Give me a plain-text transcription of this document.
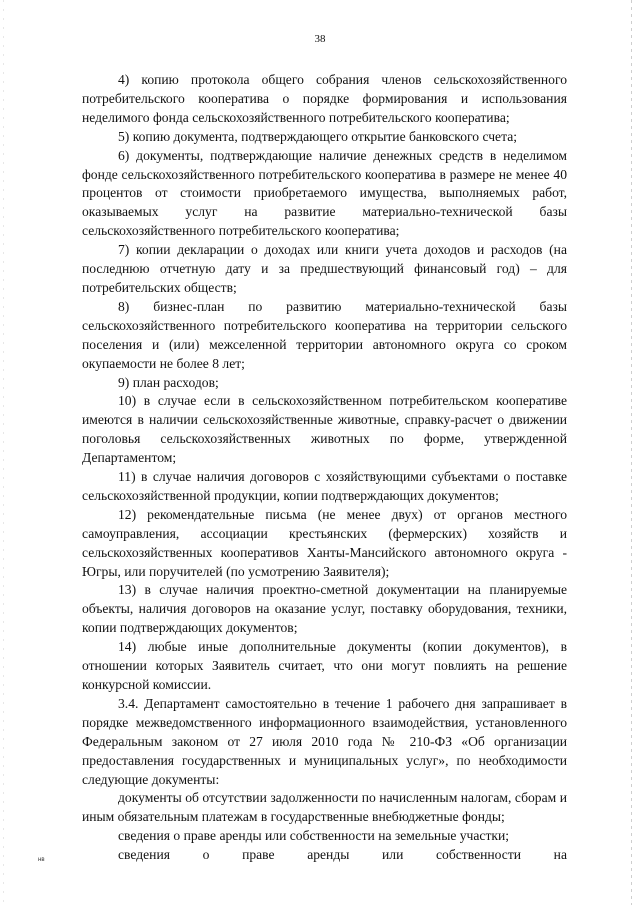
38

4) копию протокола общего собрания членов сельскохозяйственного потребительского кооператива о порядке формирования и использования неделимого фонда сельскохозяйственного потребительского кооператива;

5) копию документа, подтверждающего открытие банковского счета;

6) документы, подтверждающие наличие денежных средств в неделимом фонде сельскохозяйственного потребительского кооператива в размере не менее 40 процентов от стоимости приобретаемого имущества, выполняемых работ, оказываемых услуг на развитие материально-технической базы сельскохозяйственного потребительского кооператива;

7) копии декларации о доходах или книги учета доходов и расходов (на последнюю отчетную дату и за предшествующий финансовый год) – для потребительских обществ;

8) бизнес-план по развитию материально-технической базы сельскохозяйственного потребительского кооператива на территории сельского поселения и (или) межселенной территории автономного округа со сроком окупаемости не более 8 лет;

9) план расходов;

10) в случае если в сельскохозяйственном потребительском кооперативе имеются в наличии сельскохозяйственные животные, справку-расчет о движении поголовья сельскохозяйственных животных по форме, утвержденной Департаментом;

11) в случае наличия договоров с хозяйствующими субъектами о поставке сельскохозяйственной продукции, копии подтверждающих документов;

12) рекомендательные письма (не менее двух) от органов местного самоуправления, ассоциации крестьянских (фермерских) хозяйств и сельскохозяйственных кооперативов Ханты-Мансийского автономного округа - Югры, или поручителей (по усмотрению Заявителя);

13) в случае наличия проектно-сметной документации на планируемые объекты, наличия договоров на оказание услуг, поставку оборудования, техники, копии подтверждающих документов;

14) любые иные дополнительные документы (копии документов), в отношении которых Заявитель считает, что они могут повлиять на решение конкурсной комиссии.

3.4. Департамент самостоятельно в течение 1 рабочего дня запрашивает в порядке межведомственного информационного взаимодействия, установленного Федеральным законом от 27 июля 2010 года № 210-ФЗ «Об организации предоставления государственных и муниципальных услуг», по необходимости следующие документы:

документы об отсутствии задолженности по начисленным налогам, сборам и иным обязательным платежам в государственные внебюджетные фонды;

сведения о праве аренды или собственности на земельные участки;

сведения о праве аренды или собственности на

нв
